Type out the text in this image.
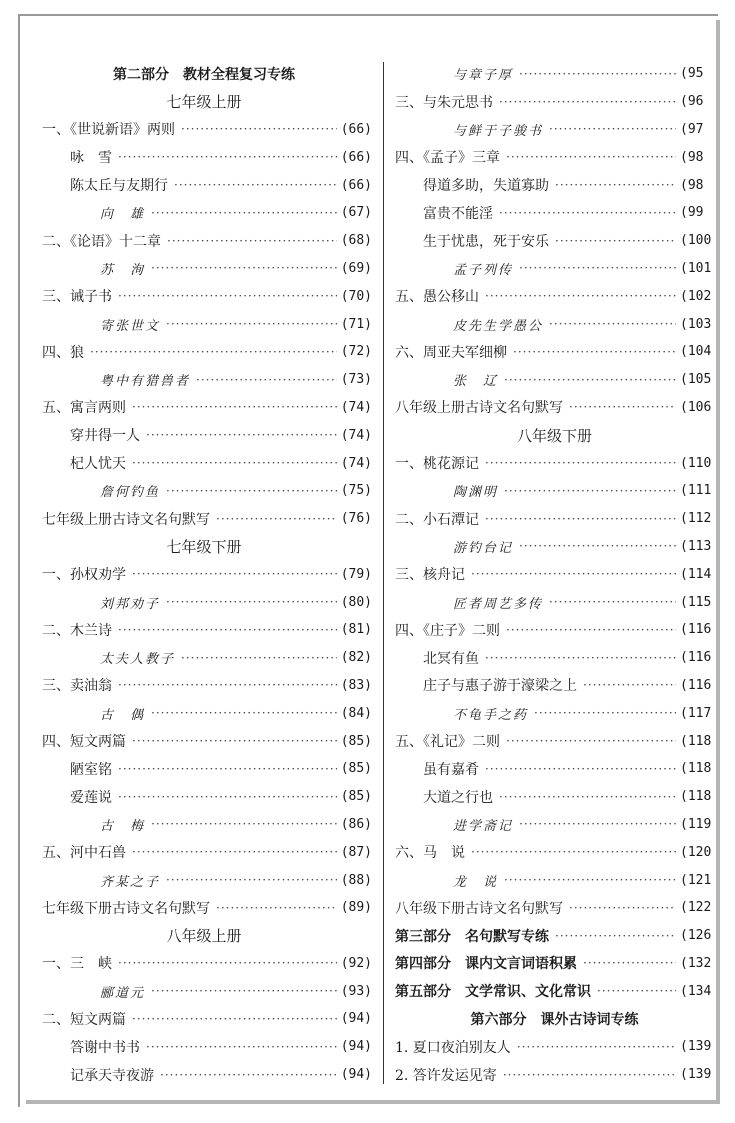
第二部分　教材全程复习专练
七年级上册
一、《世说新语》两则 ·····	(66)
咏　雪 ·····	(66)
陈太丘与友期行 ·····	(66)
向　雄 ·····	(67)
二、《论语》十二章 ·····	(68)
苏　洵 ·····	(69)
三、诫子书 ·····	(70)
寄张世文 ·····	(71)
四、狼 ·····	(72)
粤中有猎兽者 ·····	(73)
五、寓言两则 ·····	(74)
穿井得一人 ·····	(74)
杞人忧天 ·····	(74)
詹何钓鱼 ·····	(75)
七年级上册古诗文名句默写 ·····	(76)
七年级下册
一、孙权劝学 ·····	(79)
刘邦劝子 ·····	(80)
二、木兰诗 ·····	(81)
太夫人教子 ·····	(82)
三、卖油翁 ·····	(83)
古　偶 ·····	(84)
四、短文两篇 ·····	(85)
陋室铭 ·····	(85)
爱莲说 ·····	(85)
古　梅 ·····	(86)
五、河中石兽 ·····	(87)
齐某之子 ·····	(88)
七年级下册古诗文名句默写 ·····	(89)
八年级上册
一、三　峡 ·····	(92)
郦道元 ·····	(93)
二、短文两篇 ·····	(94)
答谢中书书 ·····	(94)
记承天寺夜游 ·····	(94)
与章子厚 ·····	(95
三、与朱元思书 ·····	(96
与鲜于子骏书 ·····	(97
四、《孟子》三章 ·····	(98
得道多助，失道寡助 ·····	(98
富贵不能淫 ·····	(99
生于忧患，死于安乐 ·····	(100
孟子列传 ·····	(101
五、愚公移山 ·····	(102
皮先生学愚公 ·····	(103
六、周亚夫军细柳 ·····	(104
张　辽 ·····	(105
八年级上册古诗文名句默写 ·····	(106
八年级下册
一、桃花源记 ·····	(110
陶渊明 ·····	(111
二、小石潭记 ·····	(112
游钓台记 ·····	(113
三、核舟记 ·····	(114
匠者周艺多传 ·····	(115
四、《庄子》二则 ·····	(116
北冥有鱼 ·····	(116
庄子与惠子游于濠梁之上 ·····	(116
不龟手之药 ·····	(117
五、《礼记》二则 ·····	(118
虽有嘉肴 ·····	(118
大道之行也 ·····	(118
进学斋记 ·····	(119
六、马　说 ·····	(120
龙　说 ·····	(121
八年级下册古诗文名句默写 ·····	(122
第三部分　名句默写专练 ·····	(126
第四部分　课内文言词语积累 ·····	(132
第五部分　文学常识、文化常识 ·····	(134
第六部分　课外古诗词专练
1. 夏口夜泊别友人 ·····	(139
2. 答许发运见寄 ·····	(139
